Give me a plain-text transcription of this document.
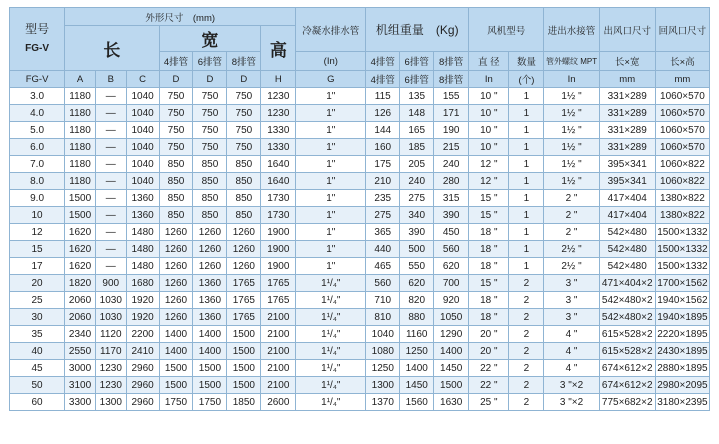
型号
FG-V	外形尺寸　(mm)							冷凝水排水管	机组重量　(Kg)			风机型号		进出水接管	出风口尺寸	回风口尺寸
	长			宽			高									
				4排管	6排管	8排管		(In)	4排管	6排管	8排管	直 径	数量	管外螺纹 MPT	长×宽	长×高
FG-V	A	B	C	D	D	D	H	G	4排管	6排管	8排管	In	(个)	In	mm	mm
3.0	1180	—	1040	750	750	750	1230	1"	115	135	155	10 "	1	1½ "	331×289	1060×570
4.0	1180	—	1040	750	750	750	1230	1"	126	148	171	10 "	1	1½ "	331×289	1060×570
5.0	1180	—	1040	750	750	750	1330	1"	144	165	190	10 "	1	1½ "	331×289	1060×570
6.0	1180	—	1040	750	750	750	1330	1"	160	185	215	10 "	1	1½ "	331×289	1060×570
7.0	1180	—	1040	850	850	850	1640	1"	175	205	240	12 "	1	1½ "	395×341	1060×822
8.0	1180	—	1040	850	850	850	1640	1"	210	240	280	12 "	1	1½ "	395×341	1060×822
9.0	1500	—	1360	850	850	850	1730	1"	235	275	315	15 "	1	2 "	417×404	1380×822
10	1500	—	1360	850	850	850	1730	1"	275	340	390	15 "	1	2 "	417×404	1380×822
12	1620	—	1480	1260	1260	1260	1900	1"	365	390	450	18 "	1	2 "	542×480	1500×1332
15	1620	—	1480	1260	1260	1260	1900	1"	440	500	560	18 "	1	2½ "	542×480	1500×1332
17	1620	—	1480	1260	1260	1260	1900	1"	465	550	620	18 "	1	2½ "	542×480	1500×1332
20	1820	900	1680	1260	1360	1765	1765	1¹/₄"	560	620	700	15 "	2	3 "	471×404×2	1700×1562
25	2060	1030	1920	1260	1360	1765	1765	1¹/₄"	710	820	920	18 "	2	3 "	542×480×2	1940×1562
30	2060	1030	1920	1260	1360	1765	2100	1¹/₄"	810	880	1050	18 "	2	3 "	542×480×2	1940×1895
35	2340	1120	2200	1400	1400	1500	2100	1¹/₄"	1040	1160	1290	20 "	2	4 "	615×528×2	2220×1895
40	2550	1170	2410	1400	1400	1500	2100	1¹/₄"	1080	1250	1400	20 "	2	4 "	615×528×2	2430×1895
45	3000	1230	2960	1500	1500	1500	2100	1¹/₄"	1250	1400	1450	22 "	2	4 "	674×612×2	2880×1895
50	3100	1230	2960	1500	1500	1500	2100	1¹/₄"	1300	1450	1500	22 "	2	3 "×2	674×612×2	2980×2095
60	3300	1300	2960	1750	1750	1850	2600	1¹/₄"	1370	1560	1630	25 "	2	3 "×2	775×682×2	3180×2395
